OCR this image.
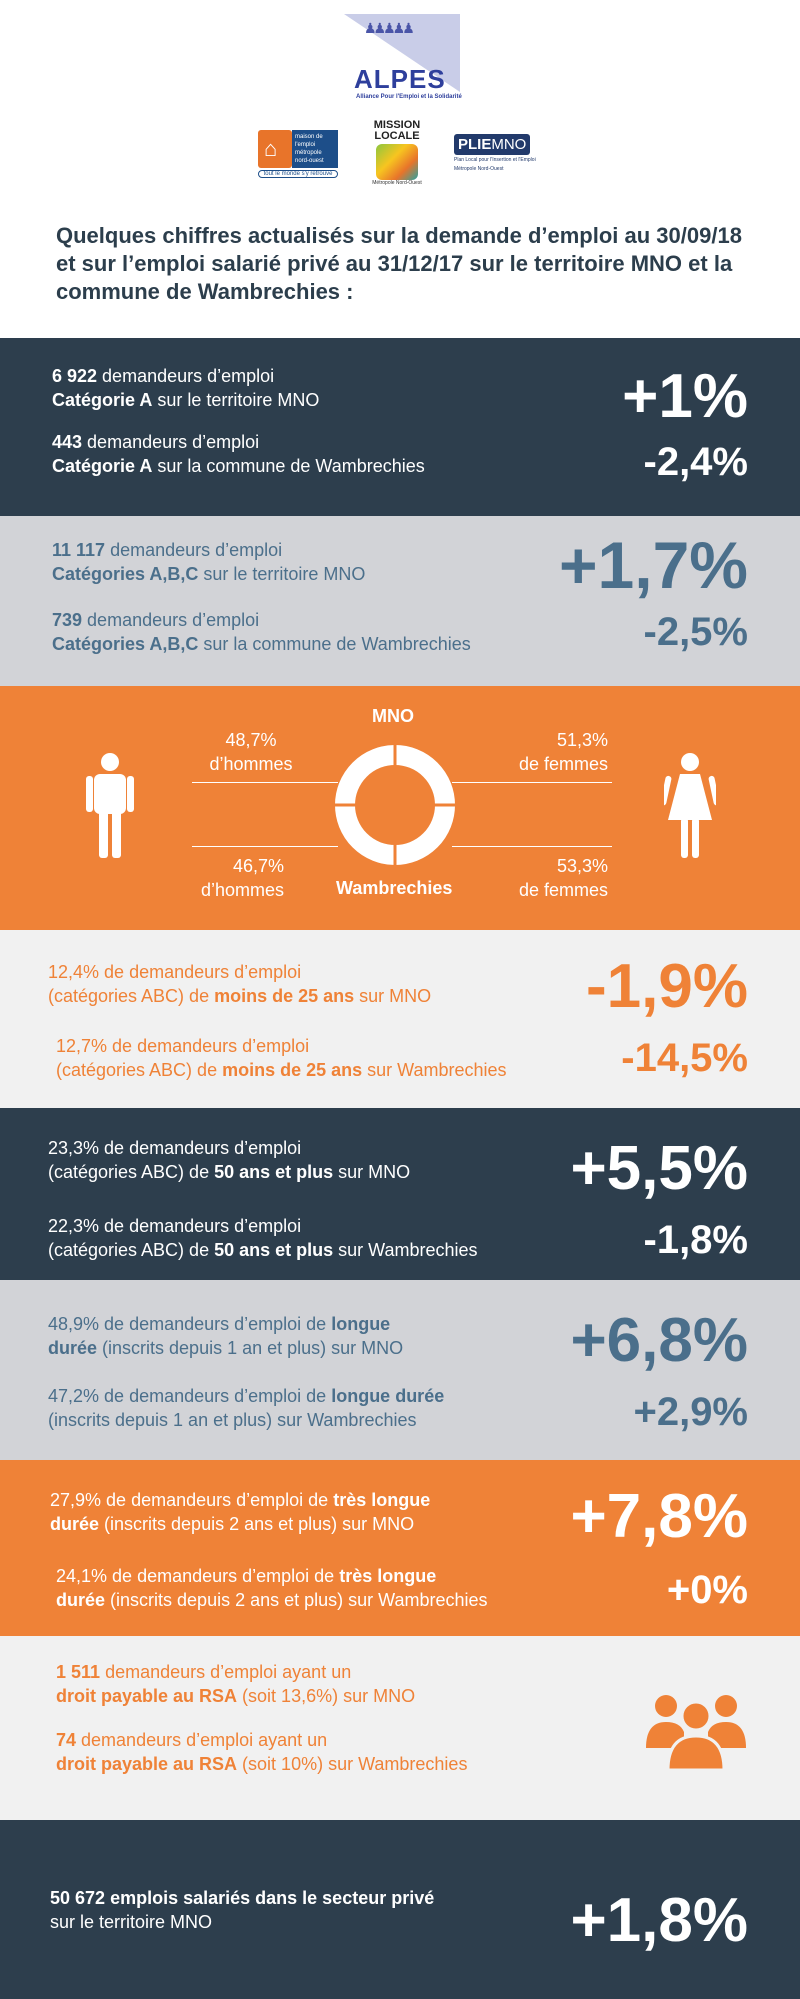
♟♟♟♟♟
ALPES
Alliance Pour l'Emploi et la Solidarité
⌂	maison de l'emploi métropole nord-ouest
tout le monde s'y retrouve
MISSION
LOCALE
Métropole Nord-Ouest
PLIEMNO
Plan Local pour l'Insertion et l'Emploi
Métropole Nord-Ouest
Quelques chiffres actualisés sur la demande d’emploi au 30/09/18 et sur l’emploi salarié privé au 31/12/17 sur le territoire MNO et la commune de Wambrechies :
6 922 demandeurs d’emploi
Catégorie A sur le territoire MNO
443 demandeurs d’emploi
Catégorie A sur la commune de Wambrechies
+1%
-2,4%
11 117 demandeurs d’emploi
Catégories A,B,C sur le territoire MNO
739 demandeurs d’emploi
Catégories A,B,C sur la commune de Wambrechies
+1,7%
-2,5%
MNO
Wambrechies
48,7%
d’hommes
51,3%
de femmes
46,7%
d’hommes
53,3%
de femmes
12,4% de demandeurs d’emploi
(catégories ABC) de moins de 25 ans sur MNO
12,7% de demandeurs d’emploi
(catégories ABC) de moins de 25 ans sur Wambrechies
-1,9%
-14,5%
23,3% de demandeurs d’emploi
(catégories ABC) de 50 ans et plus sur MNO
22,3% de demandeurs d’emploi
(catégories ABC) de 50 ans et plus sur Wambrechies
+5,5%
-1,8%
48,9% de demandeurs d’emploi de longue
durée (inscrits depuis 1 an et plus) sur MNO
47,2% de demandeurs d’emploi de longue durée
(inscrits depuis 1 an et plus) sur Wambrechies
+6,8%
+2,9%
27,9% de demandeurs d’emploi de très longue
durée (inscrits depuis 2 ans et plus) sur MNO
24,1% de demandeurs d’emploi de très longue
durée (inscrits depuis 2 ans et plus) sur Wambrechies
+7,8%
+0%
1 511 demandeurs d’emploi ayant un
droit payable au RSA (soit 13,6%) sur MNO
74 demandeurs d’emploi ayant un
droit payable au RSA (soit 10%) sur Wambrechies
50 672 emplois salariés dans le secteur privé
sur le territoire MNO	+1,8%
